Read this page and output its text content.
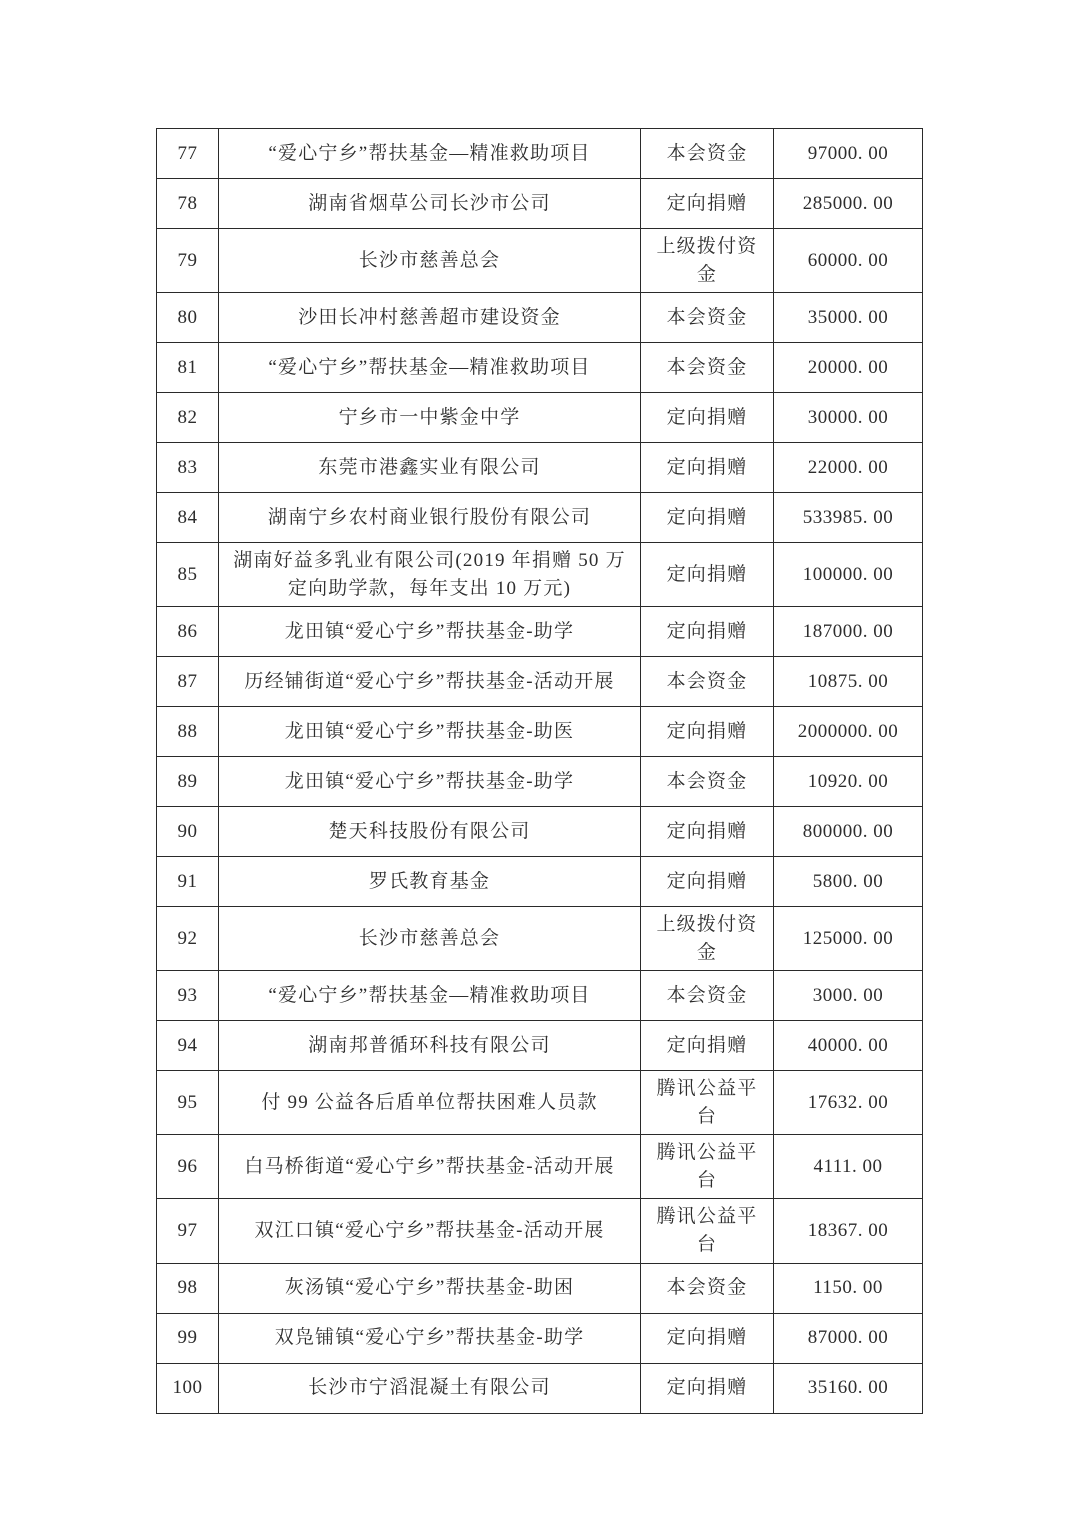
77	“爱心宁乡”帮扶基金—精准救助项目	本会资金	97000. 00
78	湖南省烟草公司长沙市公司	定向捐赠	285000. 00
79	长沙市慈善总会	上级拨付资金	60000. 00
80	沙田长冲村慈善超市建设资金	本会资金	35000. 00
81	“爱心宁乡”帮扶基金—精准救助项目	本会资金	20000. 00
82	宁乡市一中紫金中学	定向捐赠	30000. 00
83	东莞市港鑫实业有限公司	定向捐赠	22000. 00
84	湖南宁乡农村商业银行股份有限公司	定向捐赠	533985. 00
85	湖南好益多乳业有限公司(2019 年捐赠 50 万定向助学款，每年支出 10 万元)	定向捐赠	100000. 00
86	龙田镇“爱心宁乡”帮扶基金-助学	定向捐赠	187000. 00
87	历经铺街道“爱心宁乡”帮扶基金-活动开展	本会资金	10875. 00
88	龙田镇“爱心宁乡”帮扶基金-助医	定向捐赠	2000000. 00
89	龙田镇“爱心宁乡”帮扶基金-助学	本会资金	10920. 00
90	楚天科技股份有限公司	定向捐赠	800000. 00
91	罗氏教育基金	定向捐赠	5800. 00
92	长沙市慈善总会	上级拨付资金	125000. 00
93	“爱心宁乡”帮扶基金—精准救助项目	本会资金	3000. 00
94	湖南邦普循环科技有限公司	定向捐赠	40000. 00
95	付 99 公益各后盾单位帮扶困难人员款	腾讯公益平台	17632. 00
96	白马桥街道“爱心宁乡”帮扶基金-活动开展	腾讯公益平台	4111. 00
97	双江口镇“爱心宁乡”帮扶基金-活动开展	腾讯公益平台	18367. 00
98	灰汤镇“爱心宁乡”帮扶基金-助困	本会资金	1150. 00
99	双凫铺镇“爱心宁乡”帮扶基金-助学	定向捐赠	87000. 00
100	长沙市宁滔混凝土有限公司	定向捐赠	35160. 00
